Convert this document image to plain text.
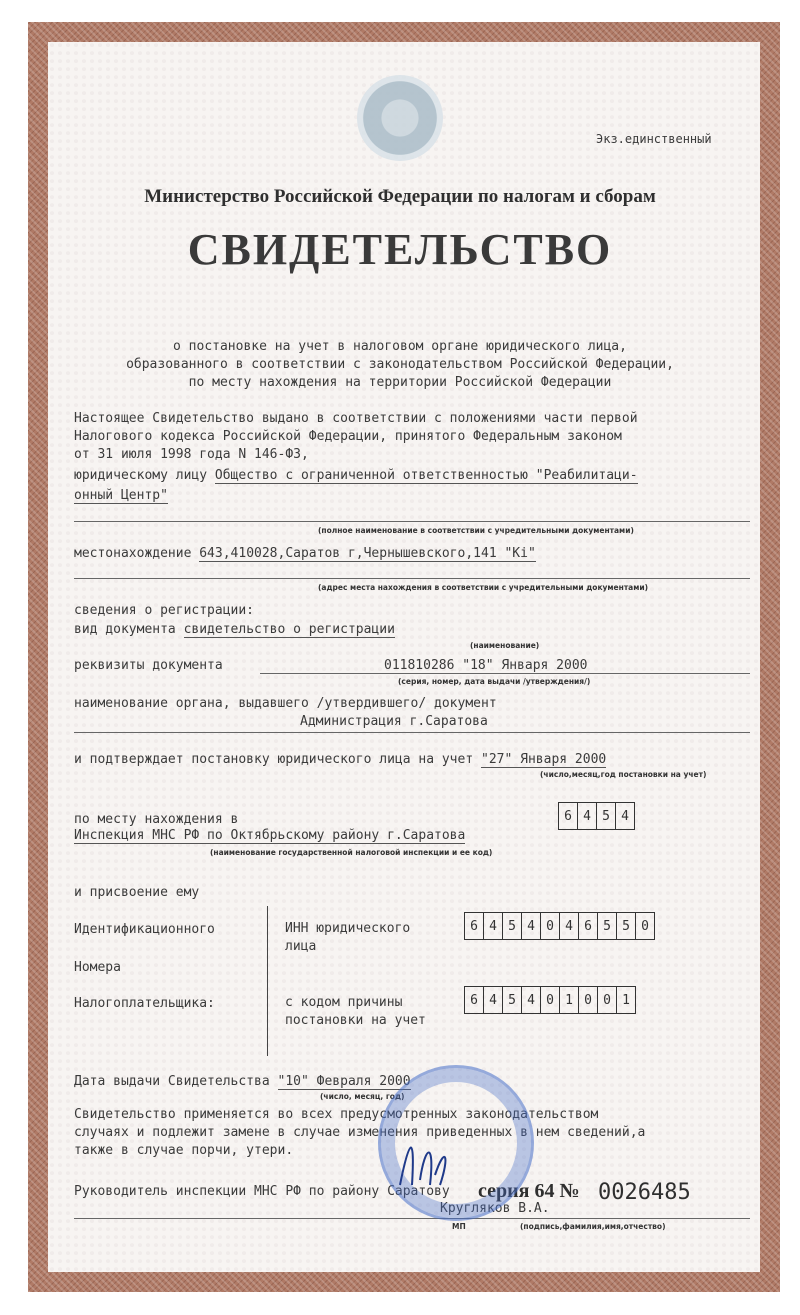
Экз.единственный
Министерство Российской Федерации по налогам и сборам
СВИДЕТЕЛЬСТВО
о постановке на учет в налоговом органе юридического лица,
образованного в соответствии с законодательством Российской Федерации,
по месту нахождения на территории Российской Федерации
Настоящее Свидетельство выдано в соответствии с положениями части первой
Налогового кодекса Российской Федерации, принятого Федеральным законом
от 31 июля 1998 года N 146-ФЗ,
юридическому лицу Общество с ограниченной ответственностью "Реабилитаци-
онный Центр"
(полное наименование в соответствии с учредительными документами)
местонахождение 643,410028,Саратов г,Чернышевского,141 "Ki"
(адрес места нахождения в соответствии с учредительными документами)
сведения о регистрации:
вид документа свидетельство о регистрации
(наименование)
реквизиты документа	011810286 "18" Января 2000
(серия, номер, дата выдачи /утверждения/)
наименование органа, выдавшего /утвердившего/ документ
Администрация г.Саратова
и подтверждает постановку юридического лица на учет "27" Января 2000
(число,месяц,год постановки на учет)
по месту нахождения в
Инспекция МНС РФ по Октябрьскому району г.Саратова
(наименование государственной налоговой инспекции и ее код)
6 4 5 4
и присвоение ему
Идентификационного
Номера
Налогоплательщика:
ИНН юридического
лица
6 4 5 4 0 4 6 5 5 0
с кодом причины
постановки на учет
6 4 5 4 0 1 0 0 1
Дата выдачи Свидетельства "10" Февраля 2000
(число, месяц, год)
Свидетельство применяется во всех предусмотренных законодательством
случаях и подлежит замене в случае изменения приведенных в нем сведений,а
также в случае порчи, утери.
Руководитель инспекции МНС РФ по району Саратову
Кругляков В.А.
МП	(подпись,фамилия,имя,отчество)
серия 64 № 0026485
